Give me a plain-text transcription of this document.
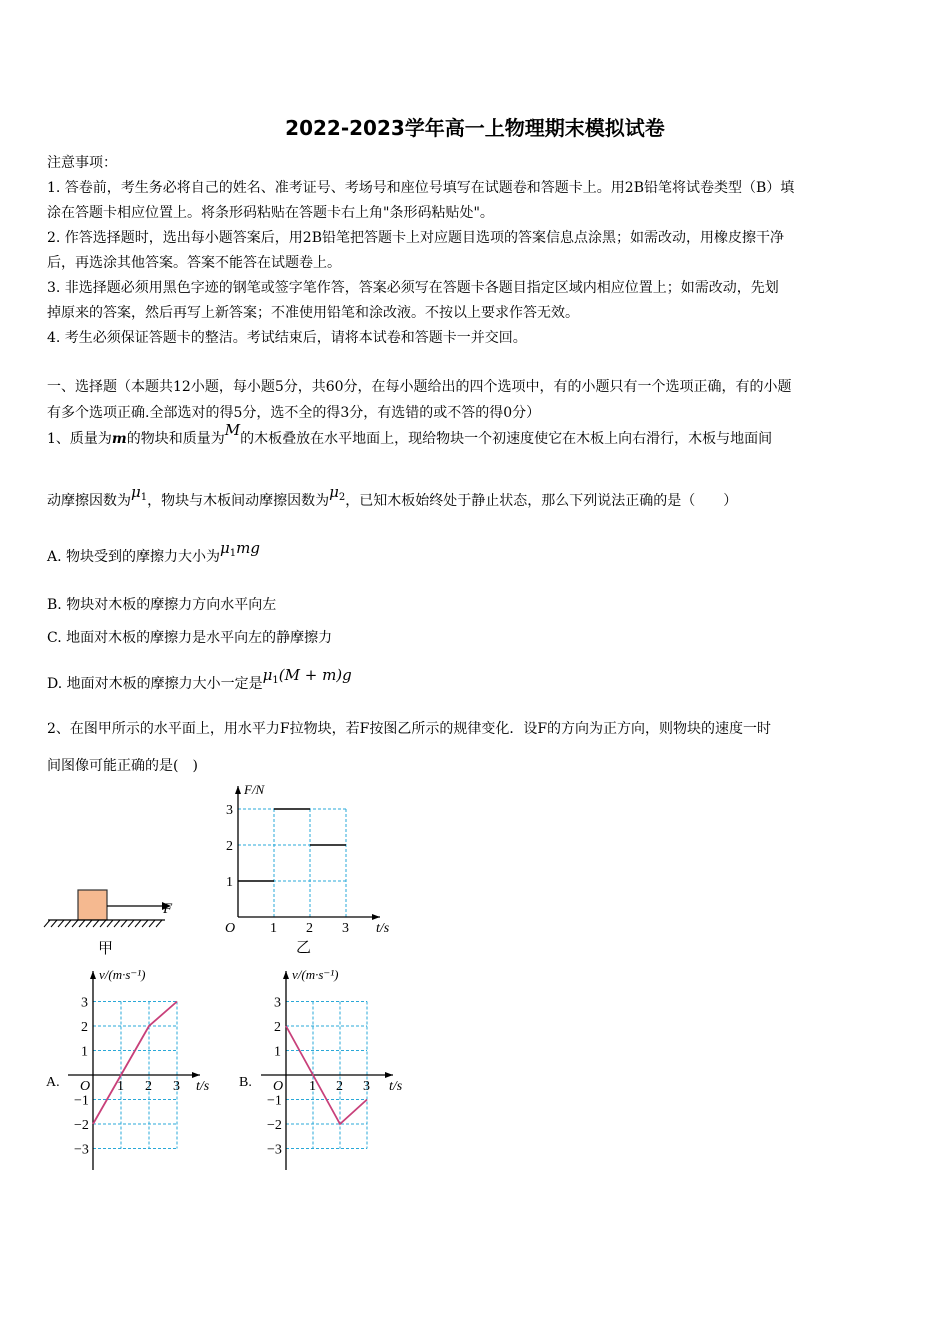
2022-2023学年高一上物理期末模拟试卷
注意事项：
1. 答卷前，考生务必将自己的姓名、准考证号、考场号和座位号填写在试题卷和答题卡上。用2B铅笔将试卷类型（B）填
涂在答题卡相应位置上。将条形码粘贴在答题卡右上角"条形码粘贴处"。
2. 作答选择题时，选出每小题答案后，用2B铅笔把答题卡上对应题目选项的答案信息点涂黑；如需改动，用橡皮擦干净
后，再选涂其他答案。答案不能答在试题卷上。
3. 非选择题必须用黑色字迹的钢笔或签字笔作答，答案必须写在答题卡各题目指定区域内相应位置上；如需改动，先划
掉原来的答案，然后再写上新答案；不准使用铅笔和涂改液。不按以上要求作答无效。
4. 考生必须保证答题卡的整洁。考试结束后，请将本试卷和答题卡一并交回。
一、选择题（本题共12小题，每小题5分，共60分，在每小题给出的四个选项中，有的小题只有一个选项正确，有的小题
有多个选项正确.全部选对的得5分，选不全的得3分，有选错的或不答的得0分）
1、质量为m的物块和质量为M的木板叠放在水平地面上，现给物块一个初速度使它在木板上向右滑行，木板与地面间
动摩擦因数为$\mu_1$，物块与木板间动摩擦因数为$\mu_2$，已知木板始终处于静止状态，那么下列说法正确的是（　　）
A. 物块受到的摩擦力大小为$\mu_1mg$
B. 物块对木板的摩擦力方向水平向左
C. 地面对木板的摩擦力是水平向左的静摩擦力
D. 地面对木板的摩擦力大小一定是$\mu_1(M + m)g$
2、在图甲所示的水平面上，用水平力F拉物块，若F按图乙所示的规律变化．设F的方向为正方向，则物块的速度一时
间图像可能正确的是(　)
F
甲
1 2 3
1
2
3
O	t/s
F/N
乙
1 2 3
−3
−2
−1
1
2
3
O	t/s
v/(m·s⁻¹)
A.	1 2 3
−3
−2
−1
1
2
3
O	t/s
v/(m·s⁻¹)
B.
